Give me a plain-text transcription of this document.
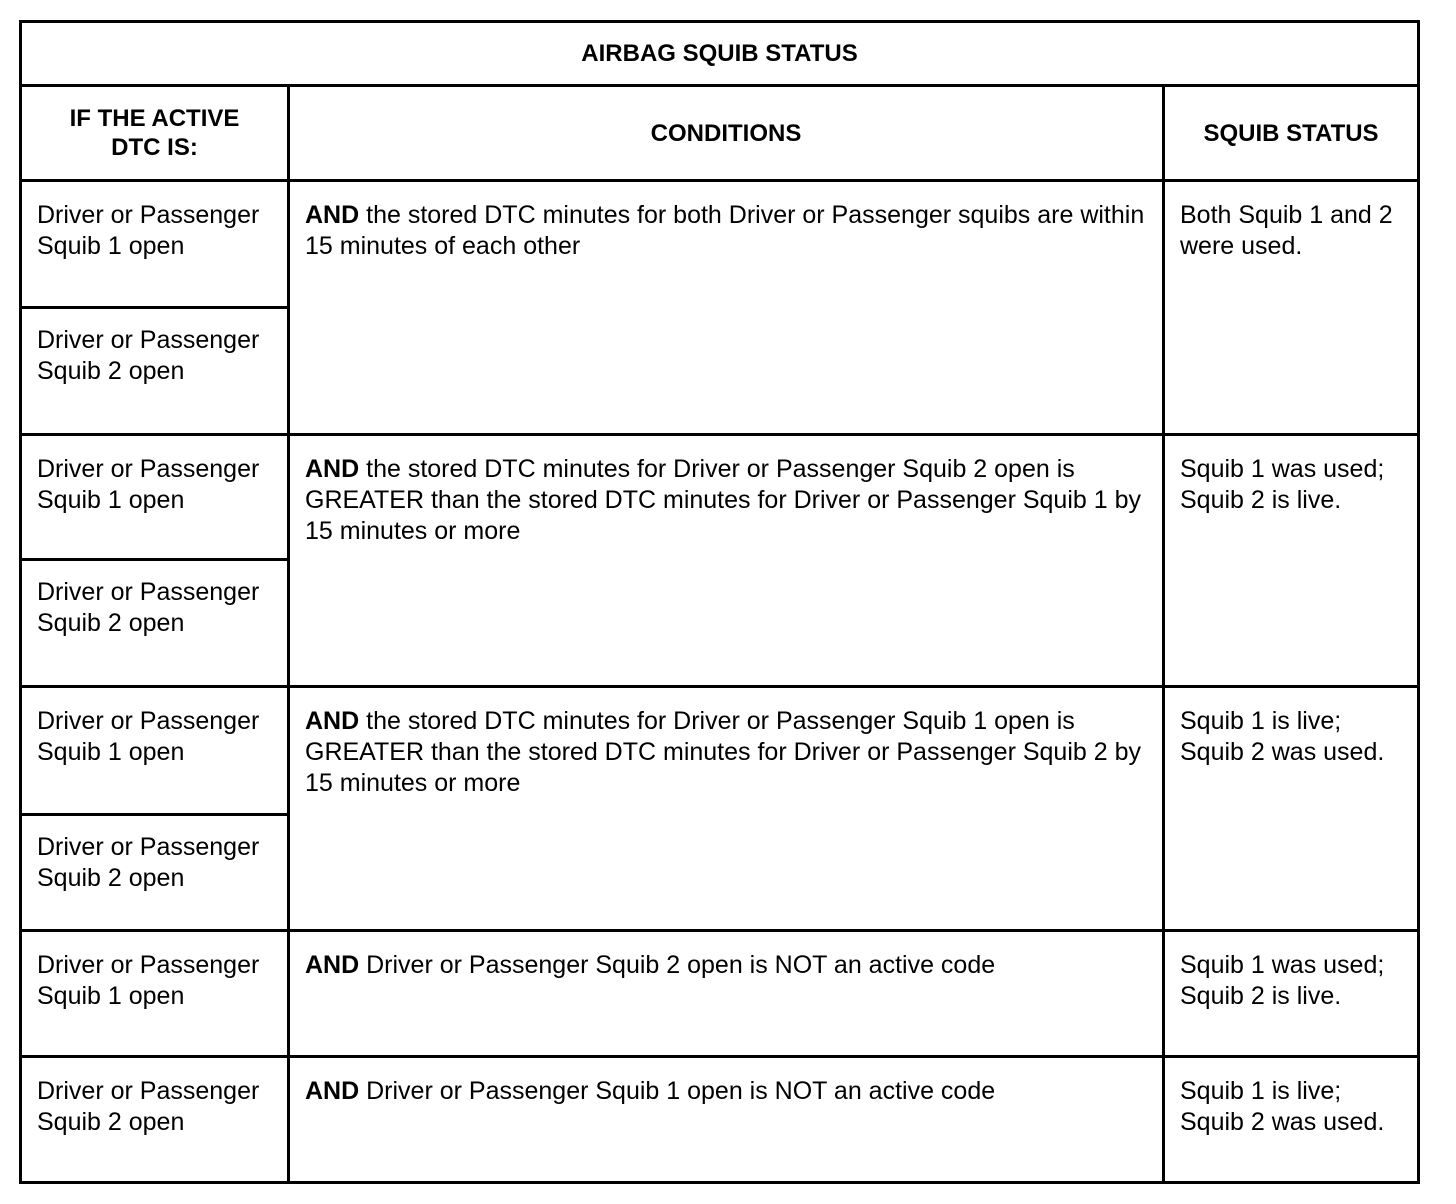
AIRBAG SQUIB STATUS		
IF THE ACTIVE DTC IS:	CONDITIONS	SQUIB STATUS
Driver or Passenger Squib 1 open	AND the stored DTC minutes for both Driver or Passenger squibs are within 15 minutes of each other	Both Squib 1 and 2 were used.
Driver or Passenger Squib 2 open		
Driver or Passenger Squib 1 open	AND the stored DTC minutes for Driver or Passenger Squib 2 open is GREATER than the stored DTC minutes for Driver or Passenger Squib 1 by 15 minutes or more	Squib 1 was used; Squib 2 is live.
Driver or Passenger Squib 2 open		
Driver or Passenger Squib 1 open	AND the stored DTC minutes for Driver or Passenger Squib 1 open is GREATER than the stored DTC minutes for Driver or Passenger Squib 2 by 15 minutes or more	Squib 1 is live; Squib 2 was used.
Driver or Passenger Squib 2 open		
Driver or Passenger Squib 1 open	AND Driver or Passenger Squib 2 open is NOT an active code	Squib 1 was used; Squib 2 is live.
Driver or Passenger Squib 2 open	AND Driver or Passenger Squib 1 open is NOT an active code	Squib 1 is live; Squib 2 was used.
